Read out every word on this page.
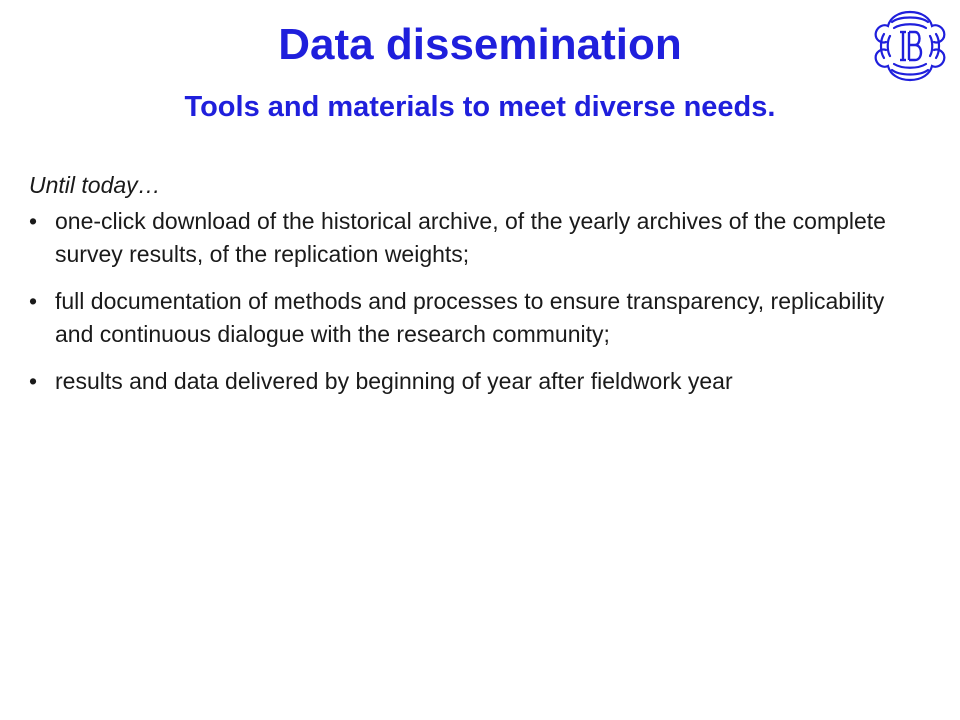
Data dissemination
Tools and materials to meet diverse needs.

Until today…

• one-click download of the historical archive, of the yearly archives of the complete survey results, of the replication weights;
• full documentation of methods and processes to ensure transparency, replicability and continuous dialogue with the research community;
• results and data delivered by beginning of year after fieldwork year
